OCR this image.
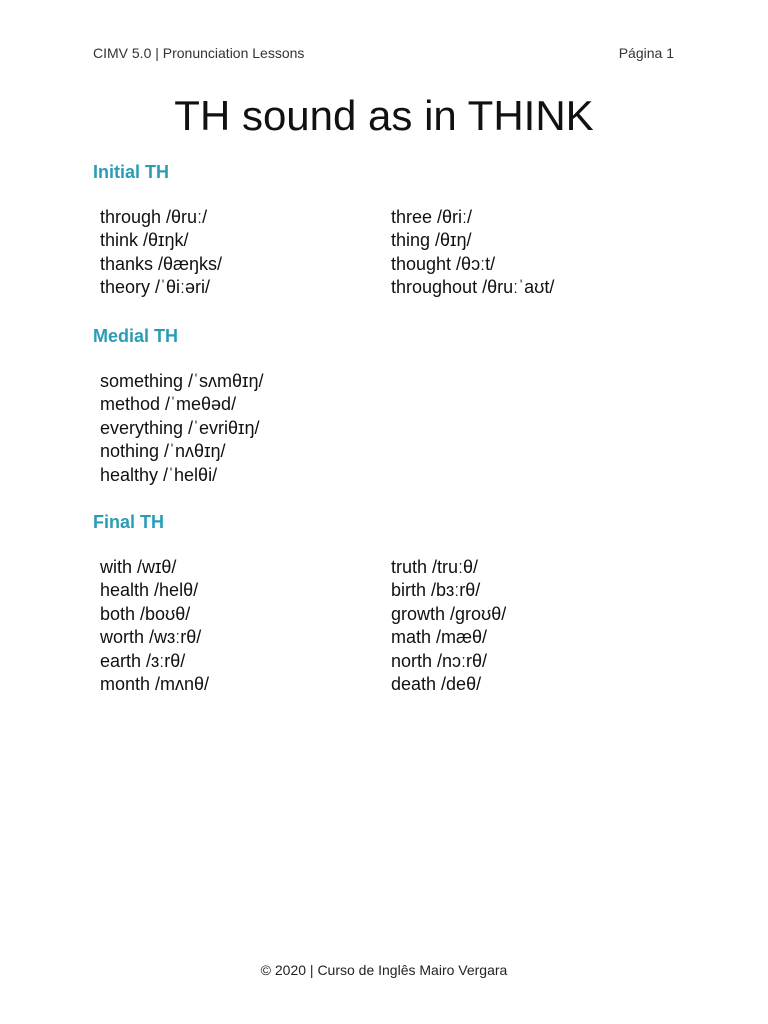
CIMV 5.0 | Pronunciation Lessons	Página 1
TH sound as in THINK
Initial TH
through /θruː/
think /θɪŋk/
thanks /θæŋks/
theory /ˈθiːəri/
three /θriː/
thing /θɪŋ/
thought /θɔːt/
throughout /θruːˈaʊt/
Medial TH
something /ˈsʌmθɪŋ/
method /ˈmeθəd/
everything /ˈevriθɪŋ/
nothing /ˈnʌθɪŋ/
healthy /ˈhelθi/
Final TH
with /wɪθ/
health /helθ/
both /boʊθ/
worth /wɜːrθ/
earth /ɜːrθ/
month /mʌnθ/
truth /truːθ/
birth /bɜːrθ/
growth /groʊθ/
math /mæθ/
north /nɔːrθ/
death /deθ/
© 2020 | Curso de Inglês Mairo Vergara
